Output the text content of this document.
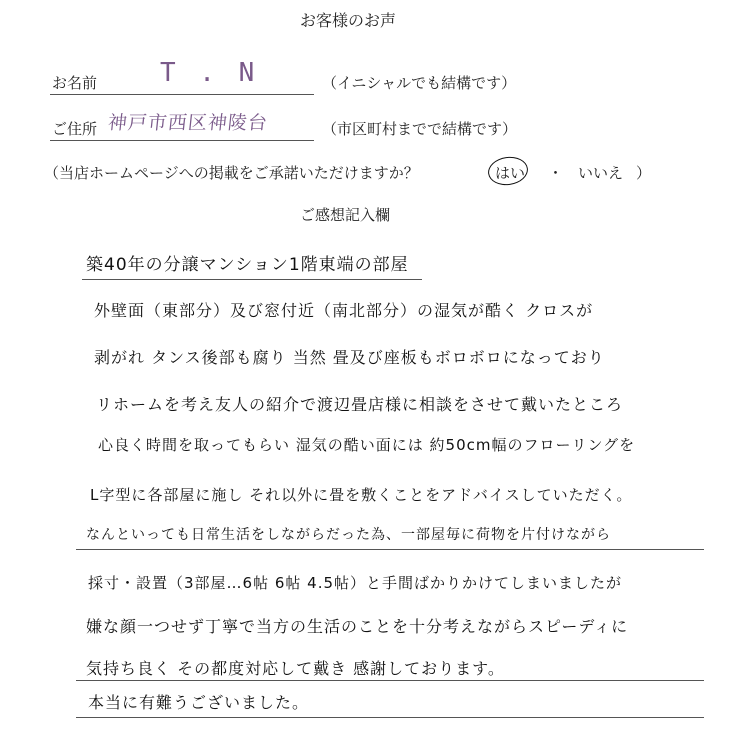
お客様のお声
お名前 T . N	（イニシャルでも結構です）
ご住所 神戸市西区神陵台	（市区町村までで結構です）
（当店ホームページへの掲載をご承諾いただけますか？	はい ・ いいえ ）
ご感想記入欄
築40年の分譲マンション1階東端の部屋
外壁面（東部分）及び窓付近（南北部分）の湿気が酷く クロスが
剥がれ タンス後部も腐り 当然 畳及び座板もボロボロになっており
リホームを考え友人の紹介で渡辺畳店様に相談をさせて戴いたところ
心良く時間を取ってもらい 湿気の酷い面には 約50cm幅のフローリングを
L字型に各部屋に施し それ以外に畳を敷くことをアドバイスしていただく。
なんといっても日常生活をしながらだった為、一部屋毎に荷物を片付けながら
採寸・設置（3部屋…6帖 6帖 4.5帖）と手間ばかりかけてしまいましたが
嫌な顔一つせず丁寧で当方の生活のことを十分考えながらスピーディに
気持ち良く その都度対応して戴き 感謝しております。
本当に有難うございました。
